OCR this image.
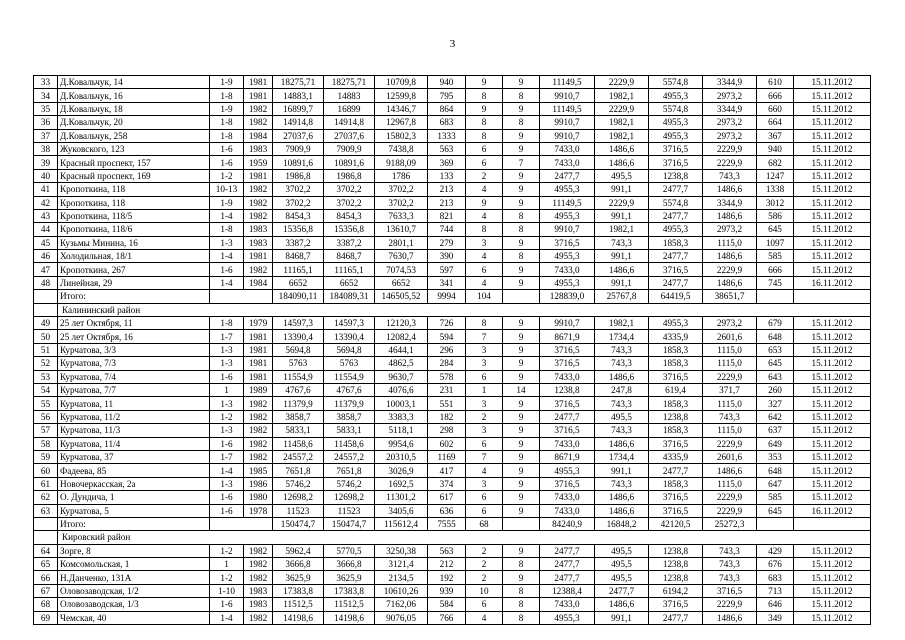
3
33	Д.Ковальчук, 14	1-9	1981	18275,71	18275,71	10709,8	940	9	9	11149,5	2229,9	5574,8	3344,9	610	15.11.2012
34	Д.Ковальчук, 16	1-8	1981	14883,1	14883	12599,8	795	8	8	9910,7	1982,1	4955,3	2973,2	666	15.11.2012
35	Д.Ковальчук, 18	1-9	1982	16899,7	16899	14346,7	864	9	9	11149,5	2229,9	5574,8	3344,9	660	15.11.2012
36	Д.Ковальчук, 20	1-8	1982	14914,8	14914,8	12967,8	683	8	8	9910,7	1982,1	4955,3	2973,2	664	15.11.2012
37	Д.Ковальчук, 258	1-8	1984	27037,6	27037,6	15802,3	1333	8	9	9910,7	1982,1	4955,3	2973,2	367	15.11.2012
38	Жуковского, 123	1-6	1983	7909,9	7909,9	7438,8	563	6	9	7433,0	1486,6	3716,5	2229,9	940	15.11.2012
39	Красный проспект, 157	1-6	1959	10891,6	10891,6	9188,09	369	6	7	7433,0	1486,6	3716,5	2229,9	682	15.11.2012
40	Красный проспект, 169	1-2	1981	1986,8	1986,8	1786	133	2	9	2477,7	495,5	1238,8	743,3	1247	15.11.2012
41	Кропоткина, 118	10-13	1982	3702,2	3702,2	3702,2	213	4	9	4955,3	991,1	2477,7	1486,6	1338	15.11.2012
42	Кропоткина, 118	1-9	1982	3702,2	3702,2	3702,2	213	9	9	11149,5	2229,9	5574,8	3344,9	3012	15.11.2012
43	Кропоткина, 118/5	1-4	1982	8454,3	8454,3	7633,3	821	4	8	4955,3	991,1	2477,7	1486,6	586	15.11.2012
44	Кропоткина, 118/6	1-8	1983	15356,8	15356,8	13610,7	744	8	8	9910,7	1982,1	4955,3	2973,2	645	15.11.2012
45	Кузьмы Минина, 16	1-3	1983	3387,2	3387,2	2801,1	279	3	9	3716,5	743,3	1858,3	1115,0	1097	15.11.2012
46	Холодильная, 18/1	1-4	1981	8468,7	8468,7	7630,7	390	4	8	4955,3	991,1	2477,7	1486,6	585	15.11.2012
47	Кропоткина, 267	1-6	1982	11165,1	11165,1	7074,53	597	6	9	7433,0	1486,6	3716,5	2229,9	666	15.11.2012
48	Линейная, 29	1-4	1984	6652	6652	6652	341	4	9	4955,3	991,1	2477,7	1486,6	745	16.11.2012
	Итого:			184090,11	184089,31	146505,52	9994	104		128839,0	25767,8	64419,5	38651,7		
	Калининский район														
49	25 лет Октября, 11	1-8	1979	14597,3	14597,3	12120,3	726	8	9	9910,7	1982,1	4955,3	2973,2	679	15.11.2012
50	25 лет Октября, 16	1-7	1981	13390,4	13390,4	12082,4	594	7	9	8671,9	1734,4	4335,9	2601,6	648	15.11.2012
51	Курчатова, 3/3	1-3	1981	5694,8	5694,8	4644,1	296	3	9	3716,5	743,3	1858,3	1115,0	653	15.11.2012
52	Курчатова, 7/3	1-3	1981	5763	5763	4862,5	284	3	9	3716,5	743,3	1858,3	1115,0	645	15.11.2012
53	Курчатова, 7/4	1-6	1981	11554,9	11554,9	9630,7	578	6	9	7433,0	1486,6	3716,5	2229,9	643	15.11.2012
54	Курчатова, 7/7	1	1989	4767,6	4767,6	4076,6	231	1	14	1238,8	247,8	619,4	371,7	260	15.11.2012
55	Курчатова, 11	1-3	1982	11379,9	11379,9	10003,1	551	3	9	3716,5	743,3	1858,3	1115,0	327	15.11.2012
56	Курчатова, 11/2	1-2	1982	3858,7	3858,7	3383,3	182	2	9	2477,7	495,5	1238,8	743,3	642	15.11.2012
57	Курчатова, 11/3	1-3	1982	5833,1	5833,1	5118,1	298	3	9	3716,5	743,3	1858,3	1115,0	637	15.11.2012
58	Курчатова, 11/4	1-6	1982	11458,6	11458,6	9954,6	602	6	9	7433,0	1486,6	3716,5	2229,9	649	15.11.2012
59	Курчатова, 37	1-7	1982	24557,2	24557,2	20310,5	1169	7	9	8671,9	1734,4	4335,9	2601,6	353	15.11.2012
60	Фадеева, 85	1-4	1985	7651,8	7651,8	3026,9	417	4	9	4955,3	991,1	2477,7	1486,6	648	15.11.2012
61	Новочеркасская, 2а	1-3	1986	5746,2	5746,2	1692,5	374	3	9	3716,5	743,3	1858,3	1115,0	647	15.11.2012
62	О. Дундича, 1	1-6	1980	12698,2	12698,2	11301,2	617	6	9	7433,0	1486,6	3716,5	2229,9	585	15.11.2012
63	Курчатова, 5	1-6	1978	11523	11523	3405,6	636	6	9	7433,0	1486,6	3716,5	2229,9	645	16.11.2012
	Итого:			150474,7	150474,7	115612,4	7555	68		84240,9	16848,2	42120,5	25272,3		
	Кировский район														
64	Зорге, 8	1-2	1982	5962,4	5770,5	3250,38	563	2	9	2477,7	495,5	1238,8	743,3	429	15.11.2012
65	Комсомольская, 1	1	1982	3666,8	3666,8	3121,4	212	2	8	2477,7	495,5	1238,8	743,3	676	15.11.2012
66	Н.Данченко, 131А	1-2	1982	3625,9	3625,9	2134,5	192	2	9	2477,7	495,5	1238,8	743,3	683	15.11.2012
67	Оловозаводская, 1/2	1-10	1983	17383,8	17383,8	10610,26	939	10	8	12388,4	2477,7	6194,2	3716,5	713	15.11.2012
68	Оловозаводская, 1/3	1-6	1983	11512,5	11512,5	7162,06	584	6	8	7433,0	1486,6	3716,5	2229,9	646	15.11.2012
69	Чемская, 40	1-4	1982	14198,6	14198,6	9076,05	766	4	8	4955,3	991,1	2477,7	1486,6	349	15.11.2012
